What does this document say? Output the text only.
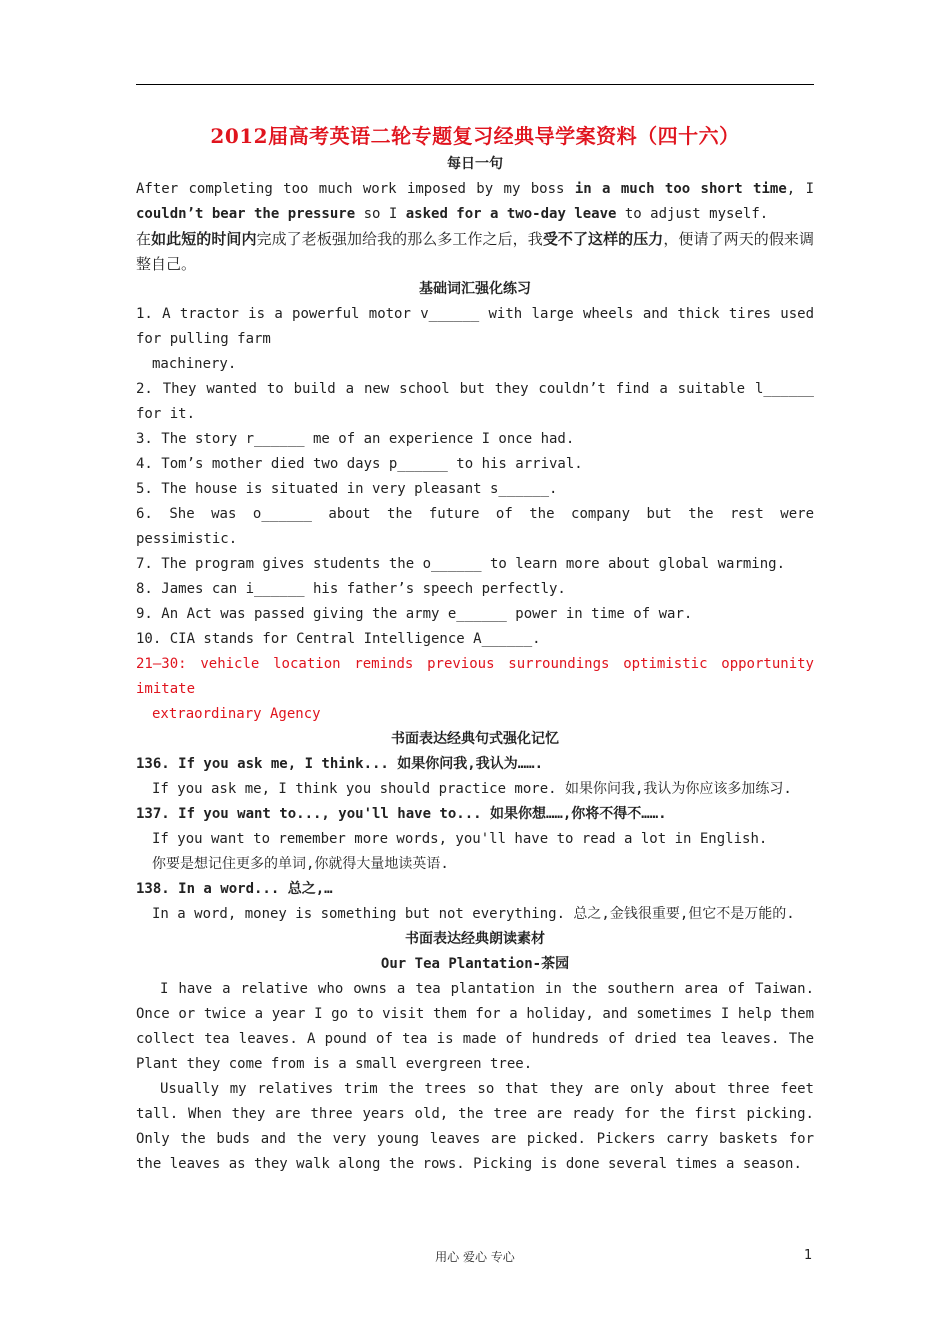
2012届高考英语二轮专题复习经典导学案资料（四十六）
每日一句
After completing too much work imposed by my boss in a much too short time, I couldn’t bear the pressure so I asked for a two-day leave to adjust myself.
在如此短的时间内完成了老板强加给我的那么多工作之后，我受不了这样的压力，便请了两天的假来调整自己。
基础词汇强化练习
1. A tractor is a powerful motor v______ with large wheels and thick tires used for pulling farm
machinery.
2. They wanted to build a new school but they couldn’t find a suitable l______ for it.
3. The story r______ me of an experience I once had.
4. Tom’s mother died two days p______ to his arrival.
5. The house is situated in very pleasant s______.
6. She was o______ about the future of the company but the rest were pessimistic.
7. The program gives students the o______ to learn more about global warming.
8. James can i______ his father’s speech perfectly.
9. An Act was passed giving the army e______ power in time of war.
10. CIA stands for Central Intelligence A______.
21—30: vehicle location reminds previous surroundings optimistic opportunity imitate
extraordinary Agency
书面表达经典句式强化记忆
136. If you ask me, I think... 如果你问我,我认为…….
If you ask me, I think you should practice more. 如果你问我,我认为你应该多加练习.
137. If you want to..., you'll have to... 如果你想……,你将不得不…….
If you want to remember more words, you'll have to read a lot in English.
你要是想记住更多的单词,你就得大量地读英语.
138. In a word... 总之,…
In a word, money is something but not everything. 总之,金钱很重要,但它不是万能的.
书面表达经典朗读素材
Our Tea Plantation-茶园
I have a relative who owns a tea plantation in the southern area of Taiwan. Once or twice a year I go to visit them for a holiday, and sometimes I help them collect tea leaves. A pound of tea is made of hundreds of dried tea leaves. The Plant they come from is a small evergreen tree.
Usually my relatives trim the trees so that they are only about three feet tall. When they are three years old, the tree are ready for the first picking. Only the buds and the very young leaves are picked. Pickers carry baskets for the leaves as they walk along the rows. Picking is done several times a season.
用心 爱心 专心	1
